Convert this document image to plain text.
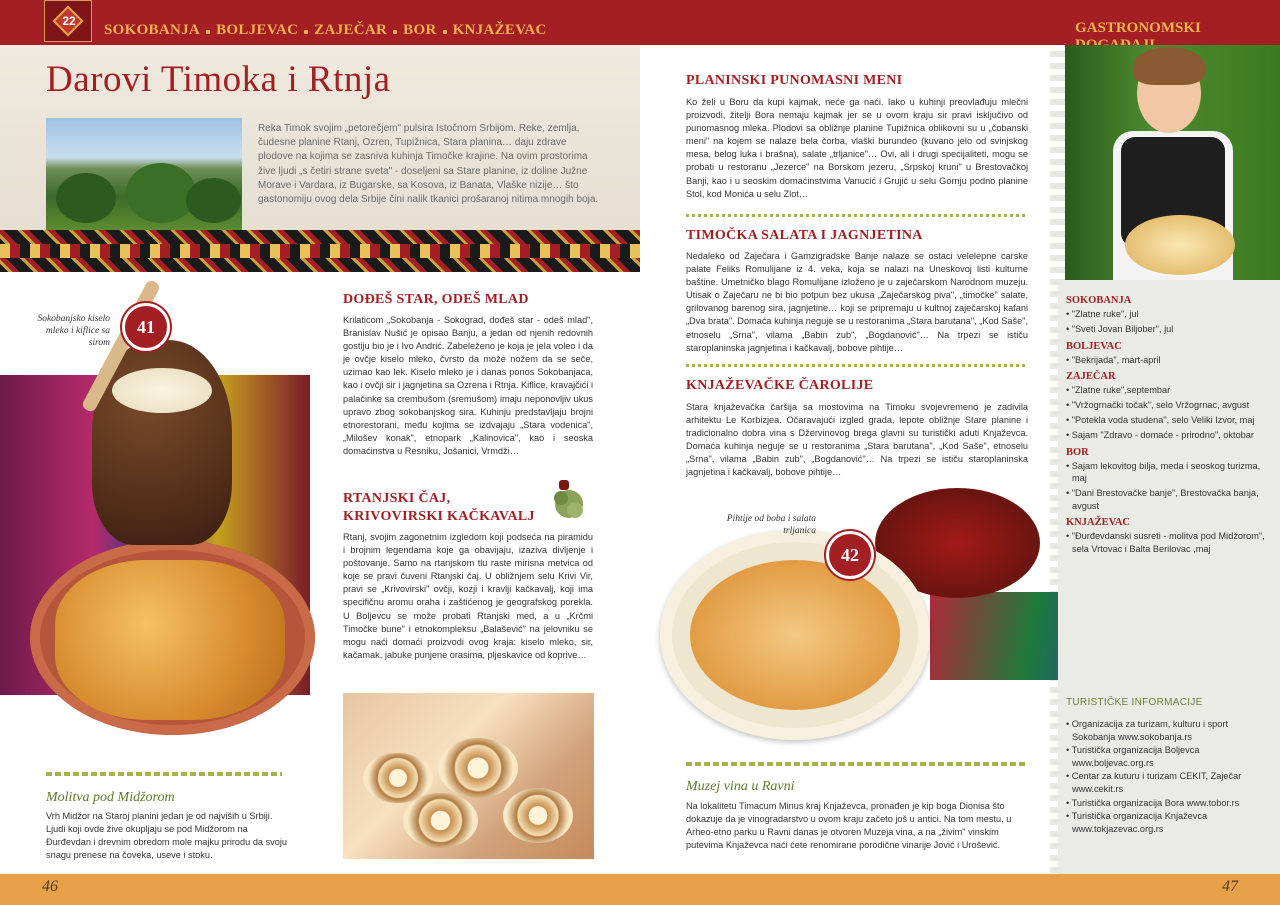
22
SOKOBANJA BOLJEVAC ZAJEČAR BOR KNJAŽEVAC	GASTRONOMSKI
Darovi Timoka i Rtnja
Reka Timok svojim „petorečjem" pulsira Istočnom Srbijom. Reke, zemlja, čudesne planine Rtanj, Ozren, Tupižnica, Stara planina… daju zdrave plodove na kojima se zasniva kuhinja Timočke krajine. Na ovim prostorima žive ljudi „s četiri strane sveta" - doseljeni sa Stare planine, iz doline Južne Morave i Vardara, iz Bugarske, sa Kosova, iz Banata, Vlaške nizije… što gastonomiju ovog dela Srbije čini nalik tkanici prošaranoj nitima mnogih boja.
41
Sokobanjsko kiselo mleko i kiflice sa sirom
DOĐEŠ STAR, ODEŠ MLAD
Krilaticom „Sokobanja - Sokograd, dođeš star - odeš mlad", Branislav Nušić je opisao Banju, a jedan od njenih redovnih gostiju bio je i Ivo Andrić. Zabeleženo je koja je jela voleo i da je ovčje kiselo mleko, čvrsto da može nožem da se seče, uzimao kao lek. Kiselo mleko je i danas ponos Sokobanjaca, kao i ovčji sir i jagnjetina sa Ozrena i Rtnja. Kiflice, kravajčići i palačinke sa crembušom (sremušom) imaju neponovljiv ukus upravo zbog sokobanjskog sira. Kuhinju predstavljaju brojni etnorestorani, među kojima se izdvajaju „Stara vodenica", „Milošev konak", etnopark „Kalinovica", kao i seoska domaćinstva u Resniku, Jošanici, Vrmdži…
RTANJSKI ČAJ, KRIVOVIRSKI KAČKAVALJ
Rtanj, svojim zagonetnim izgledom koji podseća na piramidu i brojnim legendama koje ga obavijaju, izaziva divljenje i poštovanje. Samo na rtanjskom tlu raste mirisna metvica od koje se pravi čuveni Rtanjski čaj. U obližnjem selu Krivi Vir, pravi se „Krivovirski" ovčji, kozji i kravlji kačkavalj, koji ima specifičnu aromu oraha i zaštićenog je geografskog porekla. U Boljevcu se može probati Rtanjski med, a u „Krčmi Timočke bune" i etnokompleksu „Balašević" na jelovniku se mogu naći domaći proizvodi ovog kraja: kiselo mleko, sir, kačamak, jabuke punjene orasima, pljeskavice od koprive…
Molitva pod Midžorom
Vrh Midžor na Staroj planini jedan je od najviših u Srbiji. Ljudi koji ovde žive okupljaju se pod Midžorom na Đurđevdan i drevnim obredom mole majku prirodu da svoju snagu prenese na čoveka, useve i stoku.
PLANINSKI PUNOMASNI MENI
Ko želi u Boru da kupi kajmak, neće ga naći. Iako u kuhinji preovlađuju mlečni proizvodi, žitelji Bora nemaju kajmak jer se u ovom kraju sir pravi isključivo od punomasnog mleka. Plodovi sa obližnje planine Tupižnica oblikovni su u „čobanski meni" na kojem se nalaze bela čorba, vlaški burundeo (kuvano jelo od svinjskog mesa, belog luka i brašna), salate „trljanice"… Ovi, ali i drugi specijaliteti, mogu se probati u restoranu „Jezerce" na Borskom jezeru, „Srpskoj kruni" u Brestovačkoj Banji, kao i u seoskim domaćinstvima Vanucić i Grujić u selu Gornju podno planine Stol, kod Monića u selu Zlot…
TIMOČKA SALATA I JAGNJETINA
Nedaleko od Zaječara i Gamzigradske Banje nalaze se ostaci velelepne carske palate Feliks Romulijane iz 4. veka, koja se nalazi na Uneskovoj listi kulturne baštine. Umetničko blago Romulijane izloženo je u zaječarskom Narodnom muzeju. Utisak o Zaječaru ne bi bio potpun bez ukusa „Zaječarskog piva", „timočke" salate, grilovanog barenog sira, jagnjetine… koji se pripremaju u kultnoj zaječarskoj kafani „Dva brata". Domaća kuhinja neguje se u restoranima „Stara barutana", „Kod Saše", etnoselu „Srna", vilama „Babin zub", „Bogdanović"… Na trpezi se ističu staroplaninska jagnjetina i kačkavalj, bobove pihtije…
KNJAŽEVAČKE ČAROLIJE
Stara knjaževačka čaršija sa mostovima na Timoku svojevremeno je zadivila arhitektu Le Korbizjea. Očaravajući izgled grada, lepote obližnje Stare planine i tradicionalno dobra vina s Džervinovog brega glavni su turistički aduti Knjaževca. Domaća kuhinja neguje se u restoranima „Stara barutana", „Kod Saše", etnoselu „Srna", vilama „Babin zub", „Bogdanović"… Na trpezi se ističu staroplaninska jagnjetina i kačkavalj, bobove pihtije…
42
Pihtije od boba i salata trljanica
Muzej vina u Ravni
Na lokalitetu Timacum Minus kraj Knjaževca, pronađen je kip boga Dionisa što dokazuje da je vinogradarstvo u ovom kraju začeto još u antici. Na tom mestu, u Arheo-etno parku u Ravni danas je otvoren Muzeja vina, a na „živim" vinskim putevima Knjaževca naći ćete renomirane porodične vinarije Jović i Urošević.
SOKOBANJA
• "Zlatne ruke", jul
• "Sveti Jovan Biljober", jul
BOLJEVAC
• "Bekrijada", mart-april
ZAJEČAR
• "Zlatne ruke",septembar
• "Vržogrnački točak", selo Vržogrnac, avgust
• "Potekla voda studena", selo Veliki Izvor, maj
• Sajam "Zdravo - domaće - prirodno", oktobar
BOR
• Sajam lekovitog bilja, meda i seoskog turizma, maj
• "Dani Brestovačke banje", Brestovačka banja, avgust
KNJAŽEVAC
• "Đurđevdanski susreti - molitva pod Midžorom", sela Vrtovac i Balta Berilovac ,maj
TURISTIČKE INFORMACIJE
• Organizacija za turizam, kulturu i sport Sokobanja www.sokobanja.rs
• Turistička organizacija Boljevca www.boljevac.org.rs
• Centar za kuturu i turizam CEKIT, Zaječar www.cekit.rs
• Turistička organizacija Bora www.tobor.rs
• Turistička organizacija Knjaževca www.tokjazevac.org.rs
46	47
